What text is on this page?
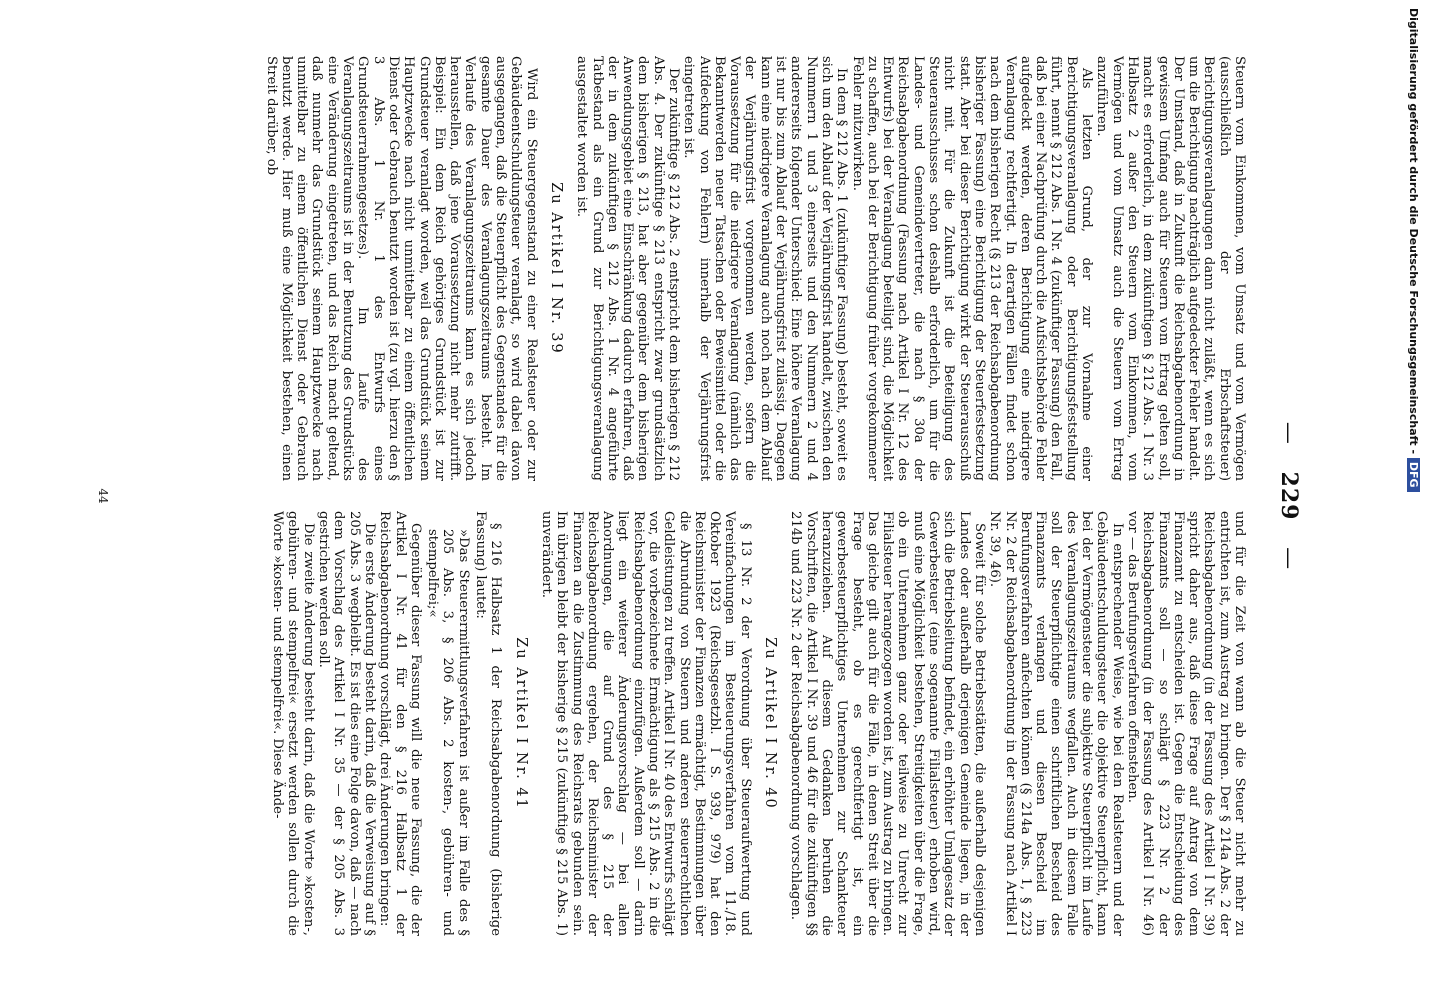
— 229 —

Steuern vom Einkommen, vom Umsatz und vom Vermögen (ausschließlich der Erbschaftsteuer) Berichtigungsveranlagungen dann nicht zuläßt, wenn es sich um die Berichtigung nachträglich aufgedeckter Fehler handelt. Der Umstand, daß in Zukunft die Reichsabgabenordnung in gewissem Umfang auch für Steuern vom Ertrag gelten soll, macht es erforderlich, in dem zukünftigen § 212 Abs. 1 Nr. 3 Halbsatz 2 außer den Steuern vom Einkommen, vom Vermögen und vom Umsatz auch die Steuern vom Ertrag anzuführen.

Als letzten Grund, der zur Vornahme einer Berichtigungsveranlagung oder Berichtigungsfeststellung führt, nennt § 212 Abs. 1 Nr. 4 (zukünftiger Fassung) den Fall, daß bei einer Nachprüfung durch die Aufsichtsbehörde Fehler aufgedeckt werden, deren Berichtigung eine niedrigere Veranlagung rechtfertigt. In derartigen Fällen findet schon nach dem bisherigen Recht (§ 213 der Reichsabgabenordnung bisheriger Fassung) eine Berichtigung der Steuerfestsetzung statt. Aber bei dieser Berichtigung wirkt der Steuerausschuß nicht mit. Für die Zukunft ist die Beteiligung des Steuerausschusses schon deshalb erforderlich, um für die Landes- und Gemeindevertreter, die nach § 30a der Reichsabgabenordnung (Fassung nach Artikel I Nr. 12 des Entwurfs) bei der Veranlagung beteiligt sind, die Möglichkeit zu schaffen, auch bei der Berichtigung früher vorgekommener Fehler mitzuwirken.

In dem § 212 Abs. 1 (zukünftiger Fassung) besteht, soweit es sich um den Ablauf der Verjährungsfrist handelt, zwischen den Nummern 1 und 3 einerseits und den Nummern 2 und 4 andererseits folgender Unterschied: Eine höhere Veranlagung ist nur bis zum Ablauf der Verjährungsfrist zulässig. Dagegen kann eine niedrigere Veranlagung auch noch nach dem Ablauf der Verjährungsfrist vorgenommen werden, sofern die Voraussetzung für die niedrigere Veranlagung (nämlich das Bekanntwerden neuer Tatsachen oder Beweismittel oder die Aufdeckung von Fehlern) innerhalb der Verjährungsfrist eingetreten ist.

Der zukünftige § 212 Abs. 2 entspricht dem bisherigen § 212 Abs. 4. Der zukünftige § 213 entspricht zwar grundsätzlich dem bisherigen § 213, hat aber gegenüber dem bisherigen Anwendungsgebiet eine Einschränkung dadurch erfahren, daß der in dem zukünftigen § 212 Abs. 1 Nr. 4 angeführte Tatbestand als ein Grund zur Berichtigungsveranlagung ausgestaltet worden ist.

Zu Artikel I Nr. 39

Wird ein Steuergegenstand zu einer Realsteuer oder zur Gebäudeentschuldungsteuer veranlagt, so wird dabei davon ausgegangen, daß die Steuerpflicht des Gegenstandes für die gesamte Dauer des Veranlagungszeitraums besteht. Im Verlaufe des Veranlagungszeitraums kann es sich jedoch herausstellen, daß jene Voraussetzung nicht mehr zutrifft. Beispiel: Ein dem Reich gehöriges Grundstück ist zur Grundsteuer veranlagt worden, weil das Grundstück seinem Hauptzwecke nach nicht unmittelbar zu einem öffentlichen Dienst oder Gebrauch benutzt worden ist (zu vgl. hierzu den § 3 Abs. 1 Nr. 1 des Entwurfs eines Grundsteuerrahmengesetzes). Im Laufe des Veranlagungszeitraums ist in der Benutzung des Grundstücks eine Veränderung eingetreten, und das Reich macht geltend, daß nunmehr das Grundstück seinem Hauptzwecke nach unmittelbar zu einem öffentlichen Dienst oder Gebrauch benutzt werde. Hier muß eine Möglichkeit bestehen, einen Streit darüber, ob

und für die Zeit von wann ab die Steuer nicht mehr zu entrichten ist, zum Austrag zu bringen. Der § 214a Abs. 2 der Reichsabgabenordnung (in der Fassung des Artikel I Nr. 39) spricht daher aus, daß diese Frage auf Antrag von dem Finanzamt zu entscheiden ist. Gegen die Entscheidung des Finanzamts soll — so schlägt § 223 Nr. 2 der Reichsabgabenordnung (in der Fassung des Artikel I Nr. 46) vor — das Berufungsverfahren offenstehen.

In entsprechender Weise, wie bei den Realsteuern und der Gebäudeentschuldungsteuer die objektive Steuerpflicht, kann bei der Vermögensteuer die subjektive Steuerpflicht im Laufe des Veranlagungszeitraums wegfallen. Auch in diesem Falle soll der Steuerpflichtige einen schriftlichen Bescheid des Finanzamts verlangen und diesen Bescheid im Berufungsverfahren anfechten können (§ 214a Abs. 1, § 223 Nr. 2 der Reichsabgabenordnung in der Fassung nach Artikel I Nr. 39, 46).

Soweit für solche Betriebsstätten, die außerhalb desjenigen Landes oder außerhalb derjenigen Gemeinde liegen, in der sich die Betriebsleitung befindet, ein erhöhter Umlagesatz der Gewerbesteuer (eine sogenannte Filialsteuer) erhoben wird, muß eine Möglichkeit bestehen, Streitigkeiten über die Frage, ob ein Unternehmen ganz oder teilweise zu Unrecht zur Filialsteuer herangezogen worden ist, zum Austrag zu bringen. Das gleiche gilt auch für die Fälle, in denen Streit über die Frage besteht, ob es gerechtfertigt ist, ein gewerbesteuerpflichtiges Unternehmen zur Schankteuer heranzuziehen. Auf diesem Gedanken beruhen die Vorschriften, die Artikel I Nr. 39 und 46 für die zukünftigen §§ 214b und 223 Nr. 2 der Reichsabgabenordnung vorschlagen.

Zu Artikel I Nr. 40

§ 13 Nr. 2 der Verordnung über Steueraufwertung und Vereinfachungen im Besteuerungsverfahren vom 11./18. Oktober 1923 (Reichsgesetzbl. I S. 939, 979) hat den Reichsminister der Finanzen ermächtigt, Bestimmungen über die Abrundung von Steuern und anderen steuerrechtlichen Geldleistungen zu treffen. Artikel I Nr. 40 des Entwurfs schlägt vor, die vorbezeichnete Ermächtigung als § 215 Abs. 2 in die Reichsabgabenordnung einzufügen. Außerdem soll — darin liegt ein weiterer Änderungsvorschlag — bei allen Anordnungen, die auf Grund des § 215 der Reichsabgabenordnung ergehen, der Reichsminister der Finanzen an die Zustimmung des Reichsrats gebunden sein. Im übrigen bleibt der bisherige § 215 (zukünftige § 215 Abs. 1) unverändert.

Zu Artikel I Nr. 41

§ 216 Halbsatz 1 der Reichsabgabenordnung (bisherige Fassung) lautet:

»Das Steuerermittlungsverfahren ist außer im Falle des § 205 Abs. 3, § 206 Abs. 2 kosten-, gebühren- und stempelfrei;«

Gegenüber dieser Fassung will die neue Fassung, die der Artikel I Nr. 41 für den § 216 Halbsatz 1 der Reichsabgabenordnung vorschlägt, drei Änderungen bringen:

Die erste Änderung besteht darin, daß die Verweisung auf § 205 Abs. 3 wegbleibt. Es ist dies eine Folge davon, daß — nach dem Vorschlag des Artikel I Nr. 35 — der § 205 Abs. 3 gestrichen werden soll.

Die zweite Änderung besteht darin, daß die Worte »kosten-, gebühren- und stempelfrei« ersetzt werden sollen durch die Worte »kosten- und stempelfrei«. Diese Ände-

44
Digitalisierung gefördert durch die Deutsche Forschungsgemeinschaft - DFG
